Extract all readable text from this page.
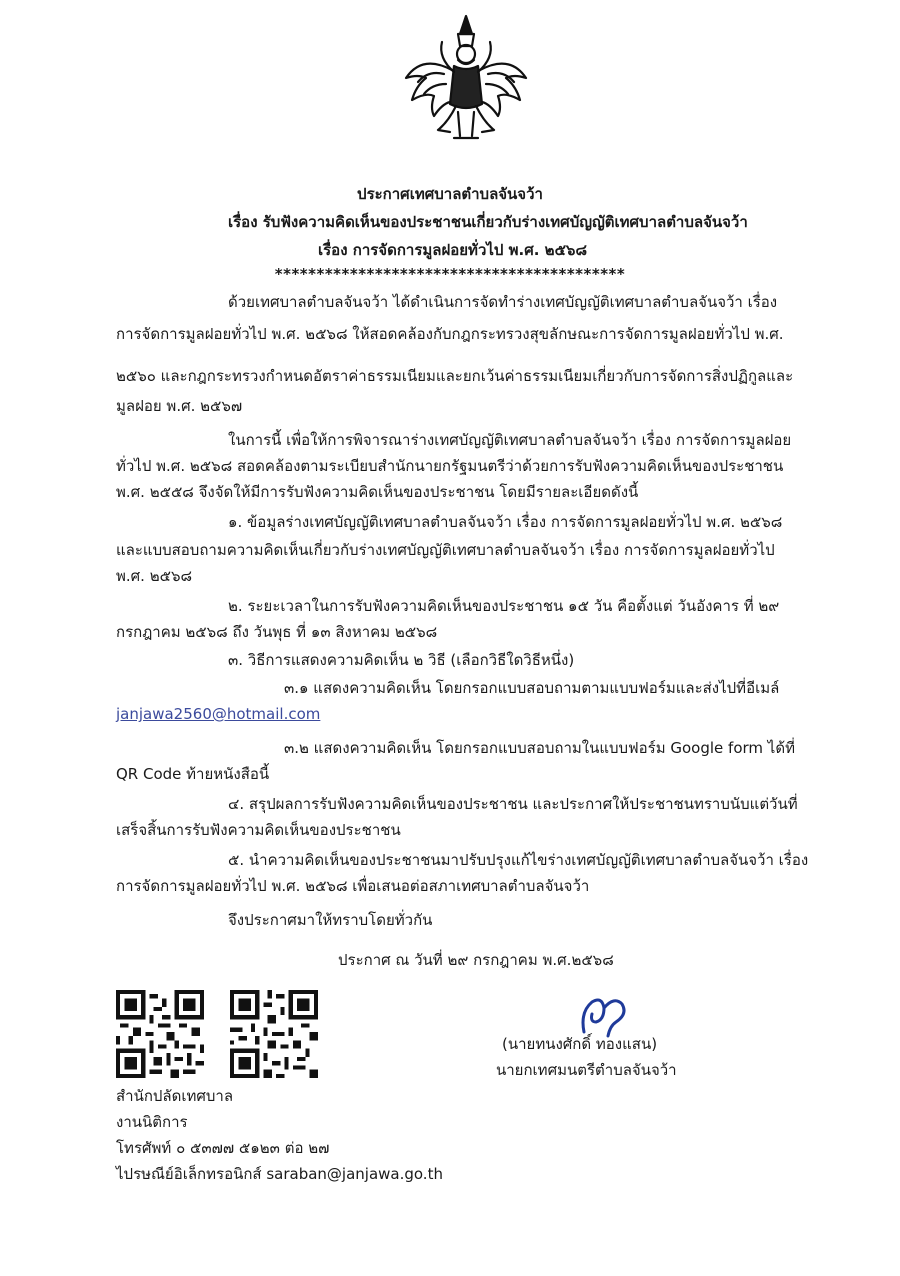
ประกาศเทศบาลตำบลจันจว้า
เรื่อง รับฟังความคิดเห็นของประชาชนเกี่ยวกับร่างเทศบัญญัติเทศบาลตำบลจันจว้า
เรื่อง การจัดการมูลฝอยทั่วไป พ.ศ. ๒๕๖๘
******************************************
ด้วยเทศบาลตำบลจันจว้า ได้ดำเนินการจัดทำร่างเทศบัญญัติเทศบาลตำบลจันจว้า เรื่อง
การจัดการมูลฝอยทั่วไป พ.ศ. ๒๕๖๘ ให้สอดคล้องกับกฎกระทรวงสุขลักษณะการจัดการมูลฝอยทั่วไป พ.ศ.
๒๕๖๐ และกฎกระทรวงกำหนดอัตราค่าธรรมเนียมและยกเว้นค่าธรรมเนียมเกี่ยวกับการจัดการสิ่งปฏิกูลและ
มูลฝอย พ.ศ. ๒๕๖๗
ในการนี้ เพื่อให้การพิจารณาร่างเทศบัญญัติเทศบาลตำบลจันจว้า เรื่อง การจัดการมูลฝอย
ทั่วไป พ.ศ. ๒๕๖๘ สอดคล้องตามระเบียบสำนักนายกรัฐมนตรีว่าด้วยการรับฟังความคิดเห็นของประชาชน
พ.ศ. ๒๕๕๘ จึงจัดให้มีการรับฟังความคิดเห็นของประชาชน โดยมีรายละเอียดดังนี้
๑. ข้อมูลร่างเทศบัญญัติเทศบาลตำบลจันจว้า เรื่อง การจัดการมูลฝอยทั่วไป พ.ศ. ๒๕๖๘
และแบบสอบถามความคิดเห็นเกี่ยวกับร่างเทศบัญญัติเทศบาลตำบลจันจว้า เรื่อง การจัดการมูลฝอยทั่วไป
พ.ศ. ๒๕๖๘
๒. ระยะเวลาในการรับฟังความคิดเห็นของประชาชน ๑๕ วัน คือตั้งแต่ วันอังคาร ที่ ๒๙
กรกฎาคม ๒๕๖๘ ถึง วันพุธ ที่ ๑๓ สิงหาคม ๒๕๖๘
๓. วิธีการแสดงความคิดเห็น ๒ วิธี (เลือกวิธีใดวิธีหนึ่ง)
๓.๑ แสดงความคิดเห็น โดยกรอกแบบสอบถามตามแบบฟอร์มและส่งไปที่อีเมล์
janjawa2560@hotmail.com
๓.๒ แสดงความคิดเห็น โดยกรอกแบบสอบถามในแบบฟอร์ม Google form ได้ที่
QR Code ท้ายหนังสือนี้
๔. สรุปผลการรับฟังความคิดเห็นของประชาชน และประกาศให้ประชาชนทราบนับแต่วันที่
เสร็จสิ้นการรับฟังความคิดเห็นของประชาชน
๕. นำความคิดเห็นของประชาชนมาปรับปรุงแก้ไขร่างเทศบัญญัติเทศบาลตำบลจันจว้า เรื่อง
การจัดการมูลฝอยทั่วไป พ.ศ. ๒๕๖๘ เพื่อเสนอต่อสภาเทศบาลตำบลจันจว้า
จึงประกาศมาให้ทราบโดยทั่วกัน
ประกาศ ณ วันที่ ๒๙ กรกฎาคม พ.ศ.๒๕๖๘
(นายทนงศักดิ์ ทองแสน)
นายกเทศมนตรีตำบลจันจว้า
สำนักปลัดเทศบาล
งานนิติการ
โทรศัพท์ ๐ ๕๓๗๗ ๕๑๒๓ ต่อ ๒๗
ไปรษณีย์อิเล็กทรอนิกส์ saraban@janjawa.go.th
